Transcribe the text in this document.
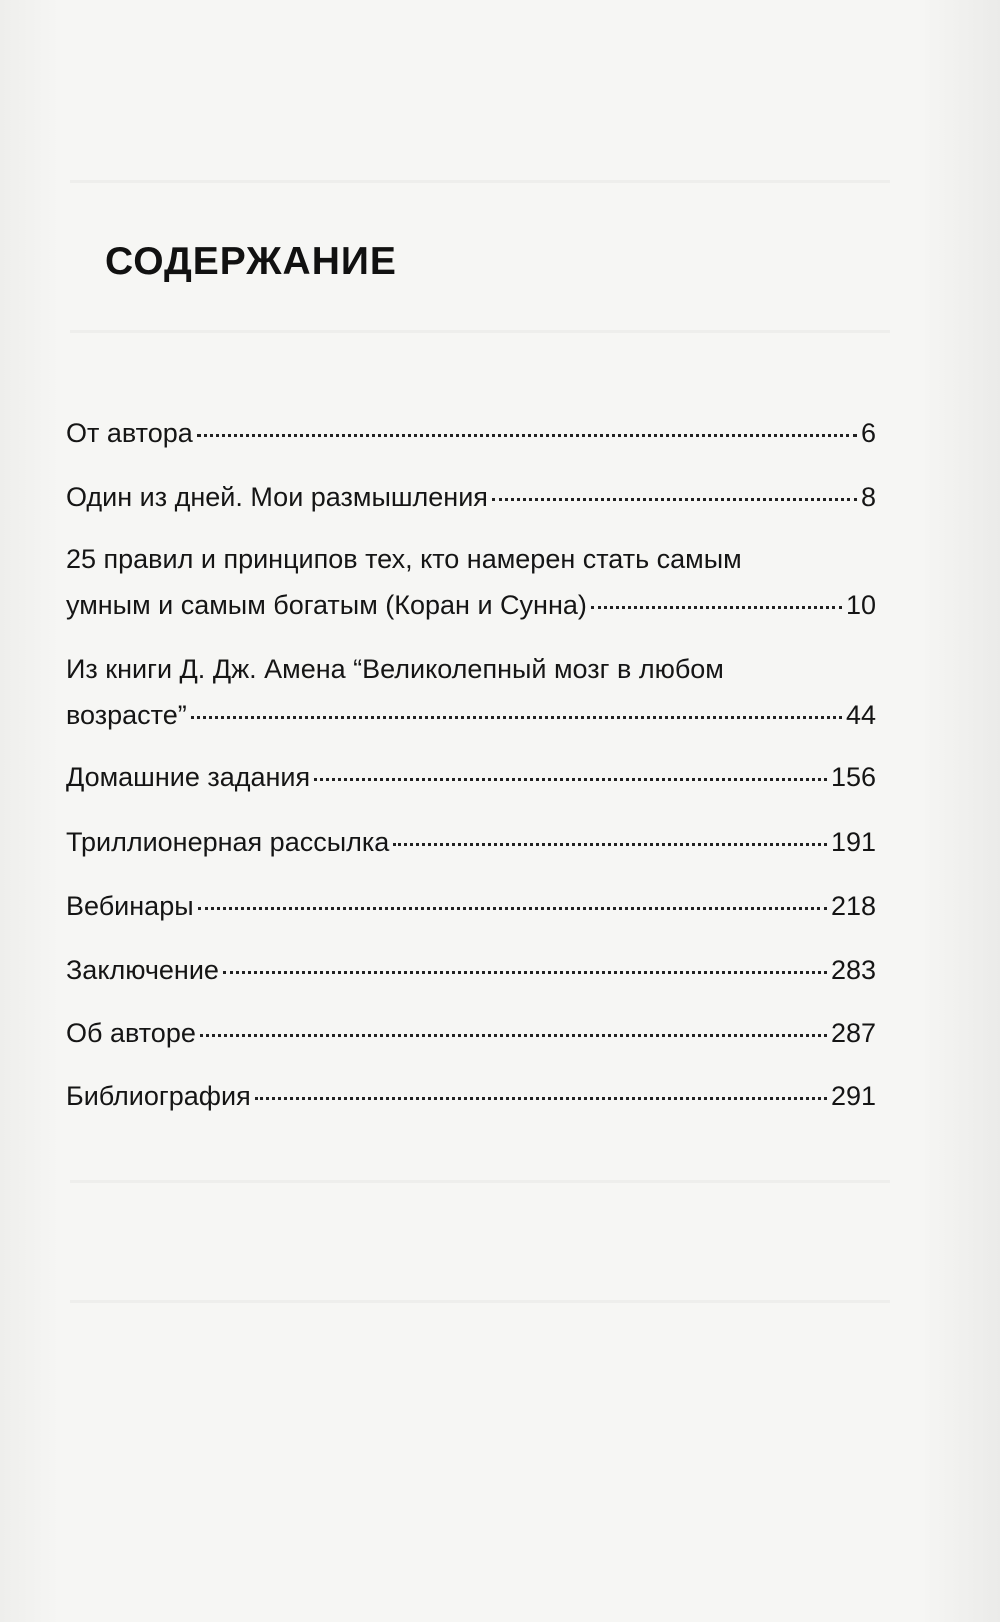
СОДЕРЖАНИЕ
От автора	6
Один из дней. Мои размышления	8
25 правил и принципов тех, кто намерен стать самым
умным и самым богатым (Коран и Сунна)	10
Из книги Д. Дж. Амена “Великолепный мозг в любом
возрасте”	44
Домашние задания	156
Триллионерная рассылка	191
Вебинары	218
Заключение	283
Об авторе	287
Библиография	291
